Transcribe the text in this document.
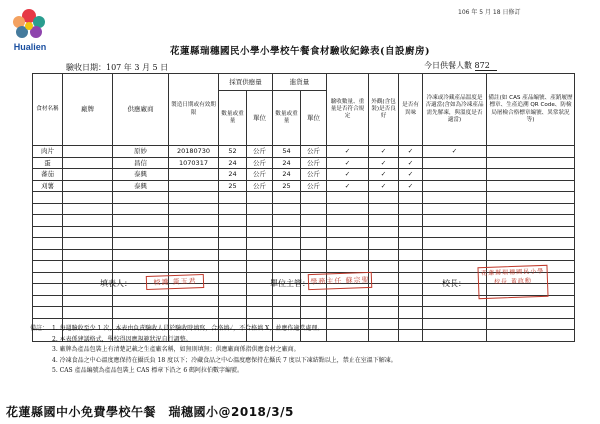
Hualien
106 年 5 月 18 日修訂
花蓮縣瑞穗國民小學小學校午餐食材驗收紀錄表(自設廚房)
驗收日期：107 年 3 月 5 日	今日供餐人數 872
食材名稱	廠牌	供應廠商	製造日期或有效期限	採買供應量		進貨量		驗收數量、重量是否符合規定	外觀(含包裝)是否良好	是否有異味	冷凍或冷藏產品溫度是否適當(含如為冷凍產品需先解凍，與溫度是否適當)	備註(如 CAS 產品編號、產銷履歷標章、生產追溯 QR Code、防檢局屠檢合格標章編號、異常狀況等)

				數量或重量	單位	數量或重量	單位					
肉片		原妙	20180730	52	公斤	54	公斤	✓	✓	✓	✓	
蛋		昌信	1070317	24	公斤	24	公斤	✓	✓	✓		
蕃茄		泰興		24	公斤	24	公斤	✓	✓	✓		
刈薯		泰興		25	公斤	25	公斤	✓	✓	✓		

填表人：	校護 黃玉君	單位主管： 學務主任 蘇宗聖	校長：
花蓮縣瑞穗國民小學 校長 黃政勳
備註： 1. 每週驗收至少 1 次，本表由負責驗收人員於驗收時填寫，合格填✓，不合格填 X，並應作適當處理。
2. 本表係建議格式，學校得因應規範狀況自行調整。
3. 廠牌為產品包裝上有清楚記載之生產廠名稱，如無則填無；供應廠商係指供應食材之廠商。
4. 冷凍食品之中心溫度應保持在攝氏負 18 度以下；冷藏食品之中心溫度應保持在攝氏 7 度以下凍結點以上，禁止在室溫下解凍。
5. CAS 產品編號為產品包裝上 CAS 標章下沿之 6 碼阿拉伯數字編號。
花蓮縣國中小免費學校午餐　瑞穗國小@2018/3/5
